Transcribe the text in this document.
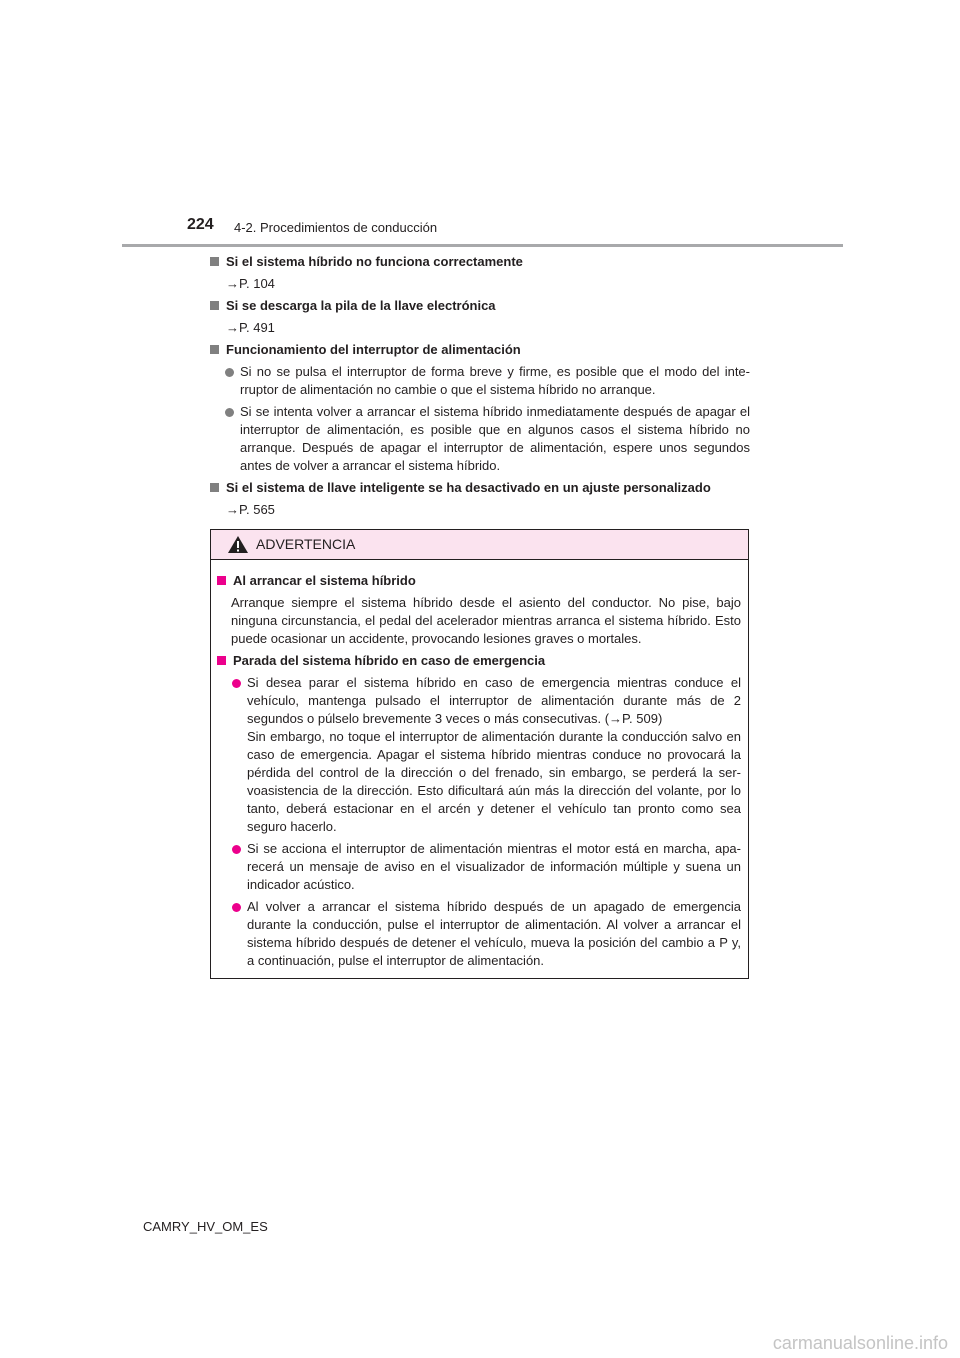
224 4-2. Procedimientos de conducción
Si el sistema híbrido no funciona correctamente
→P. 104
Si se descarga la pila de la llave electrónica
→P. 491
Funcionamiento del interruptor de alimentación
Si no se pulsa el interruptor de forma breve y firme, es posible que el modo del inte-rruptor de alimentación no cambie o que el sistema híbrido no arranque.
Si se intenta volver a arrancar el sistema híbrido inmediatamente después de apagar el interruptor de alimentación, es posible que en algunos casos el sistema híbrido no arranque. Después de apagar el interruptor de alimentación, espere unos segundos antes de volver a arrancar el sistema híbrido.
Si el sistema de llave inteligente se ha desactivado en un ajuste personalizado
→P. 565
ADVERTENCIA
Al arrancar el sistema híbrido
Arranque siempre el sistema híbrido desde el asiento del conductor. No pise, bajo ninguna circunstancia, el pedal del acelerador mientras arranca el sistema híbrido. Esto puede ocasionar un accidente, provocando lesiones graves o mortales.
Parada del sistema híbrido en caso de emergencia
Si desea parar el sistema híbrido en caso de emergencia mientras conduce el vehículo, mantenga pulsado el interruptor de alimentación durante más de 2 segundos o púlselo brevemente 3 veces o más consecutivas. (→P. 509)
Sin embargo, no toque el interruptor de alimentación durante la conducción salvo en caso de emergencia. Apagar el sistema híbrido mientras conduce no provocará la pérdida del control de la dirección o del frenado, sin embargo, se perderá la ser-voasistencia de la dirección. Esto dificultará aún más la dirección del volante, por lo tanto, deberá estacionar en el arcén y detener el vehículo tan pronto como sea seguro hacerlo.
Si se acciona el interruptor de alimentación mientras el motor está en marcha, apa-recerá un mensaje de aviso en el visualizador de información múltiple y suena un indicador acústico.
Al volver a arrancar el sistema híbrido después de un apagado de emergencia durante la conducción, pulse el interruptor de alimentación. Al volver a arrancar el sistema híbrido después de detener el vehículo, mueva la posición del cambio a P y, a continuación, pulse el interruptor de alimentación.
CAMRY_HV_OM_ES
carmanualsonline.info
